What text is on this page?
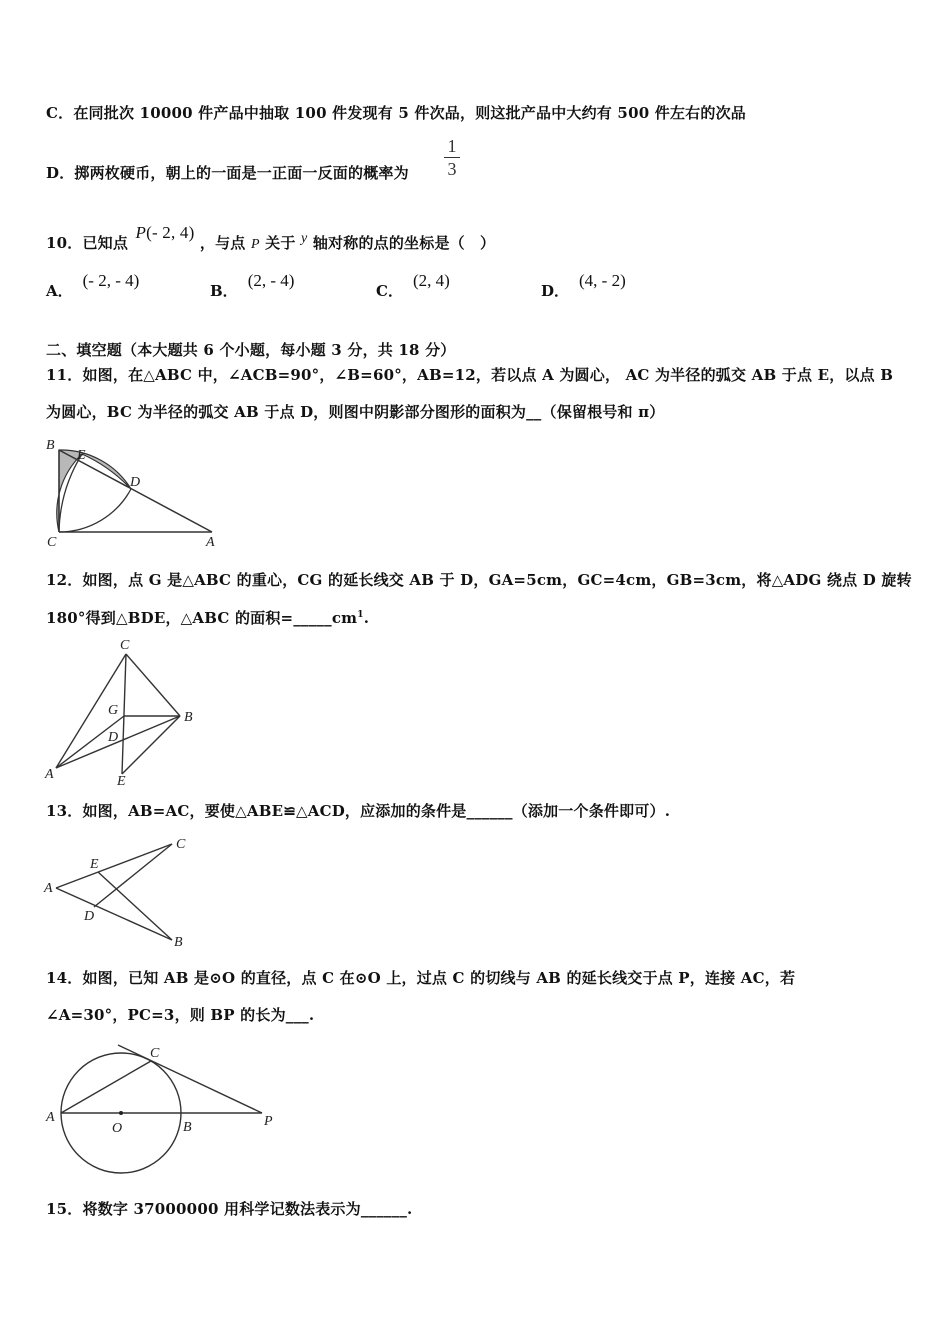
C．在同批次 10000 件产品中抽取 100 件发现有 5 件次品，则这批产品中大约有 500 件左右的次品
D．掷两枚硬币，朝上的一面是一正面一反面的概率为
1
3
10．已知点 P(- 2, 4) ，与点 P 关于 y 轴对称的点的坐标是（　）
A．(- 2, - 4)
B．(2, - 4)
C．(2, 4)
D．(4, - 2)
二、填空题（本大题共 6 个小题，每小题 3 分，共 18 分）
11．如图，在△ABC 中，∠ACB=90°，∠B=60°，AB=12，若以点 A 为圆心， AC 为半径的弧交 AB 于点 E，以点 B
为圆心，BC 为半径的弧交 AB 于点 D，则图中阴影部分图形的面积为__（保留根号和 π）
B
E
D
C	A
12．如图，点 G 是△ABC 的重心，CG 的延长线交 AB 于 D，GA=5cm，GC=4cm，GB=3cm，将△ADG 绕点 D 旋转
180°得到△BDE，△ABC 的面积$=\_\_\_\_\_cm^1$.
C
G	B
D
A	E
13．如图，AB=AC，要使△ABE≌△ACD，应添加的条件是______（添加一个条件即可）.
E
C
A
D
B
14．如图，已知 AB 是⊙O 的直径，点 C 在⊙O 上，过点 C 的切线与 AB 的延长线交于点 P，连接 AC，若
∠A=30°，PC=3，则 BP 的长为___.
C
A
O	B	P
15．将数字 37000000 用科学记数法表示为______.
